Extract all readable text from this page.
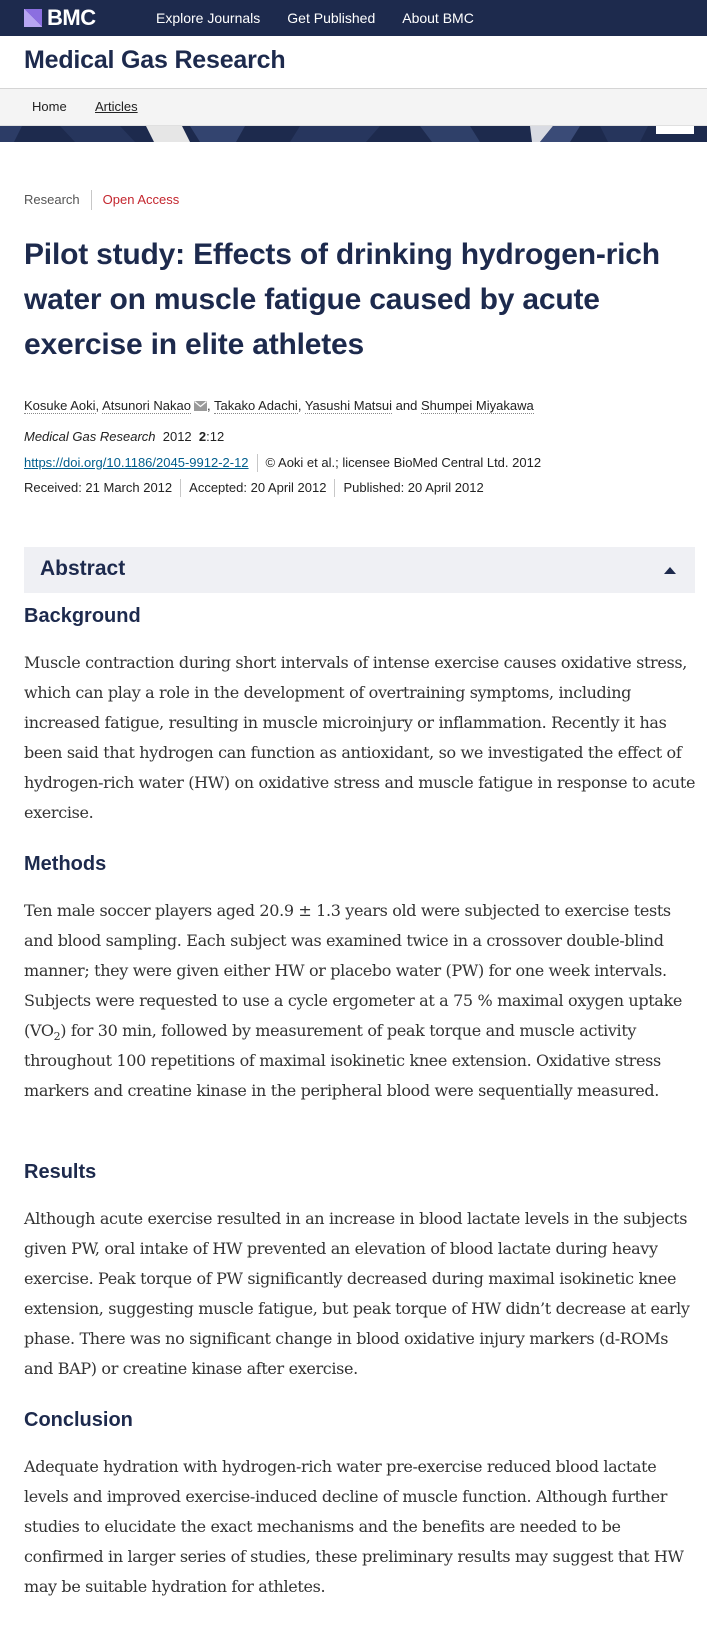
BMC	Explore Journals Get Published About BMC
Medical Gas Research
Home Articles
Research	Open Access
Pilot study: Effects of drinking hydrogen-rich water on muscle fatigue caused by acute exercise in elite athletes
Kosuke Aoki, Atsunori Nakao , Takako Adachi, Yasushi Matsui and Shumpei Miyakawa
Medical Gas Research 2012 2:12
https://doi.org/10.1186/2045-9912-2-12	© Aoki et al.; licensee BioMed Central Ltd. 2012
Received: 21 March 2012	Accepted: 20 April 2012	Published: 20 April 2012
Abstract
Background

Muscle contraction during short intervals of intense exercise causes oxidative stress, which can play a role in the development of overtraining symptoms, including increased fatigue, resulting in muscle microinjury or inflammation. Recently it has been said that hydrogen can function as antioxidant, so we investigated the effect of hydrogen-rich water (HW) on oxidative stress and muscle fatigue in response to acute exercise.

Methods

Ten male soccer players aged 20.9 ± 1.3 years old were subjected to exercise tests and blood sampling. Each subject was examined twice in a crossover double-blind manner; they were given either HW or placebo water (PW) for one week intervals. Subjects were requested to use a cycle ergometer at a 75 % maximal oxygen uptake $(VO_2)$ for 30 min, followed by measurement of peak torque and muscle activity throughout 100 repetitions of maximal isokinetic knee extension. Oxidative stress markers and creatine kinase in the peripheral blood were sequentially measured.

Results

Although acute exercise resulted in an increase in blood lactate levels in the subjects given PW, oral intake of HW prevented an elevation of blood lactate during heavy exercise. Peak torque of PW significantly decreased during maximal isokinetic knee extension, suggesting muscle fatigue, but peak torque of HW didn’t decrease at early phase. There was no significant change in blood oxidative injury markers (d-ROMs and BAP) or creatine kinase after exercise.

Conclusion

Adequate hydration with hydrogen-rich water pre-exercise reduced blood lactate levels and improved exercise-induced decline of muscle function. Although further studies to elucidate the exact mechanisms and the benefits are needed to be confirmed in larger series of studies, these preliminary results may suggest that HW may be suitable hydration for athletes.
